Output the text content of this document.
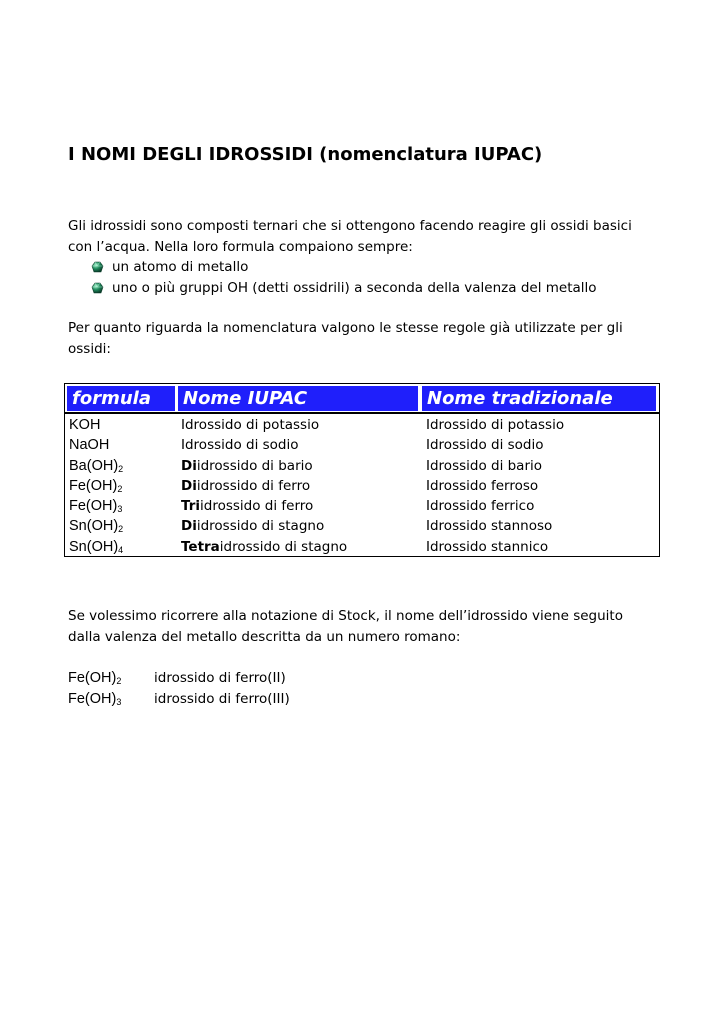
I NOMI DEGLI IDROSSIDI (nomenclatura IUPAC)
Gli idrossidi sono composti ternari che si ottengono facendo reagire gli ossidi basici
con l’acqua. Nella loro formula compaiono sempre:
un atomo di metallo
uno o più gruppi OH (detti ossidrili) a seconda della valenza del metallo
Per quanto riguarda la nomenclatura valgono le stesse regole già utilizzate per gli
ossidi:
formula	Nome IUPAC	Nome tradizionale
KOH	Idrossido di potassio	Idrossido di potassio
NaOH	Idrossido di sodio	Idrossido di sodio
$Ba(OH)_2$	Diidrossido di bario	Idrossido di bario
$Fe(OH)_2$	Diidrossido di ferro	Idrossido ferroso
$Fe(OH)_3$	Triidrossido di ferro	Idrossido ferrico
$Sn(OH)_2$	Diidrossido di stagno	Idrossido stannoso
$Sn(OH)_4$	Tetraidrossido di stagno	Idrossido stannico
Se volessimo ricorrere alla notazione di Stock, il nome dell’idrossido viene seguito
dalla valenza del metallo descritta da un numero romano:
$Fe(OH)_2$ idrossido di ferro(II)
$Fe(OH)_3$ idrossido di ferro(III)
